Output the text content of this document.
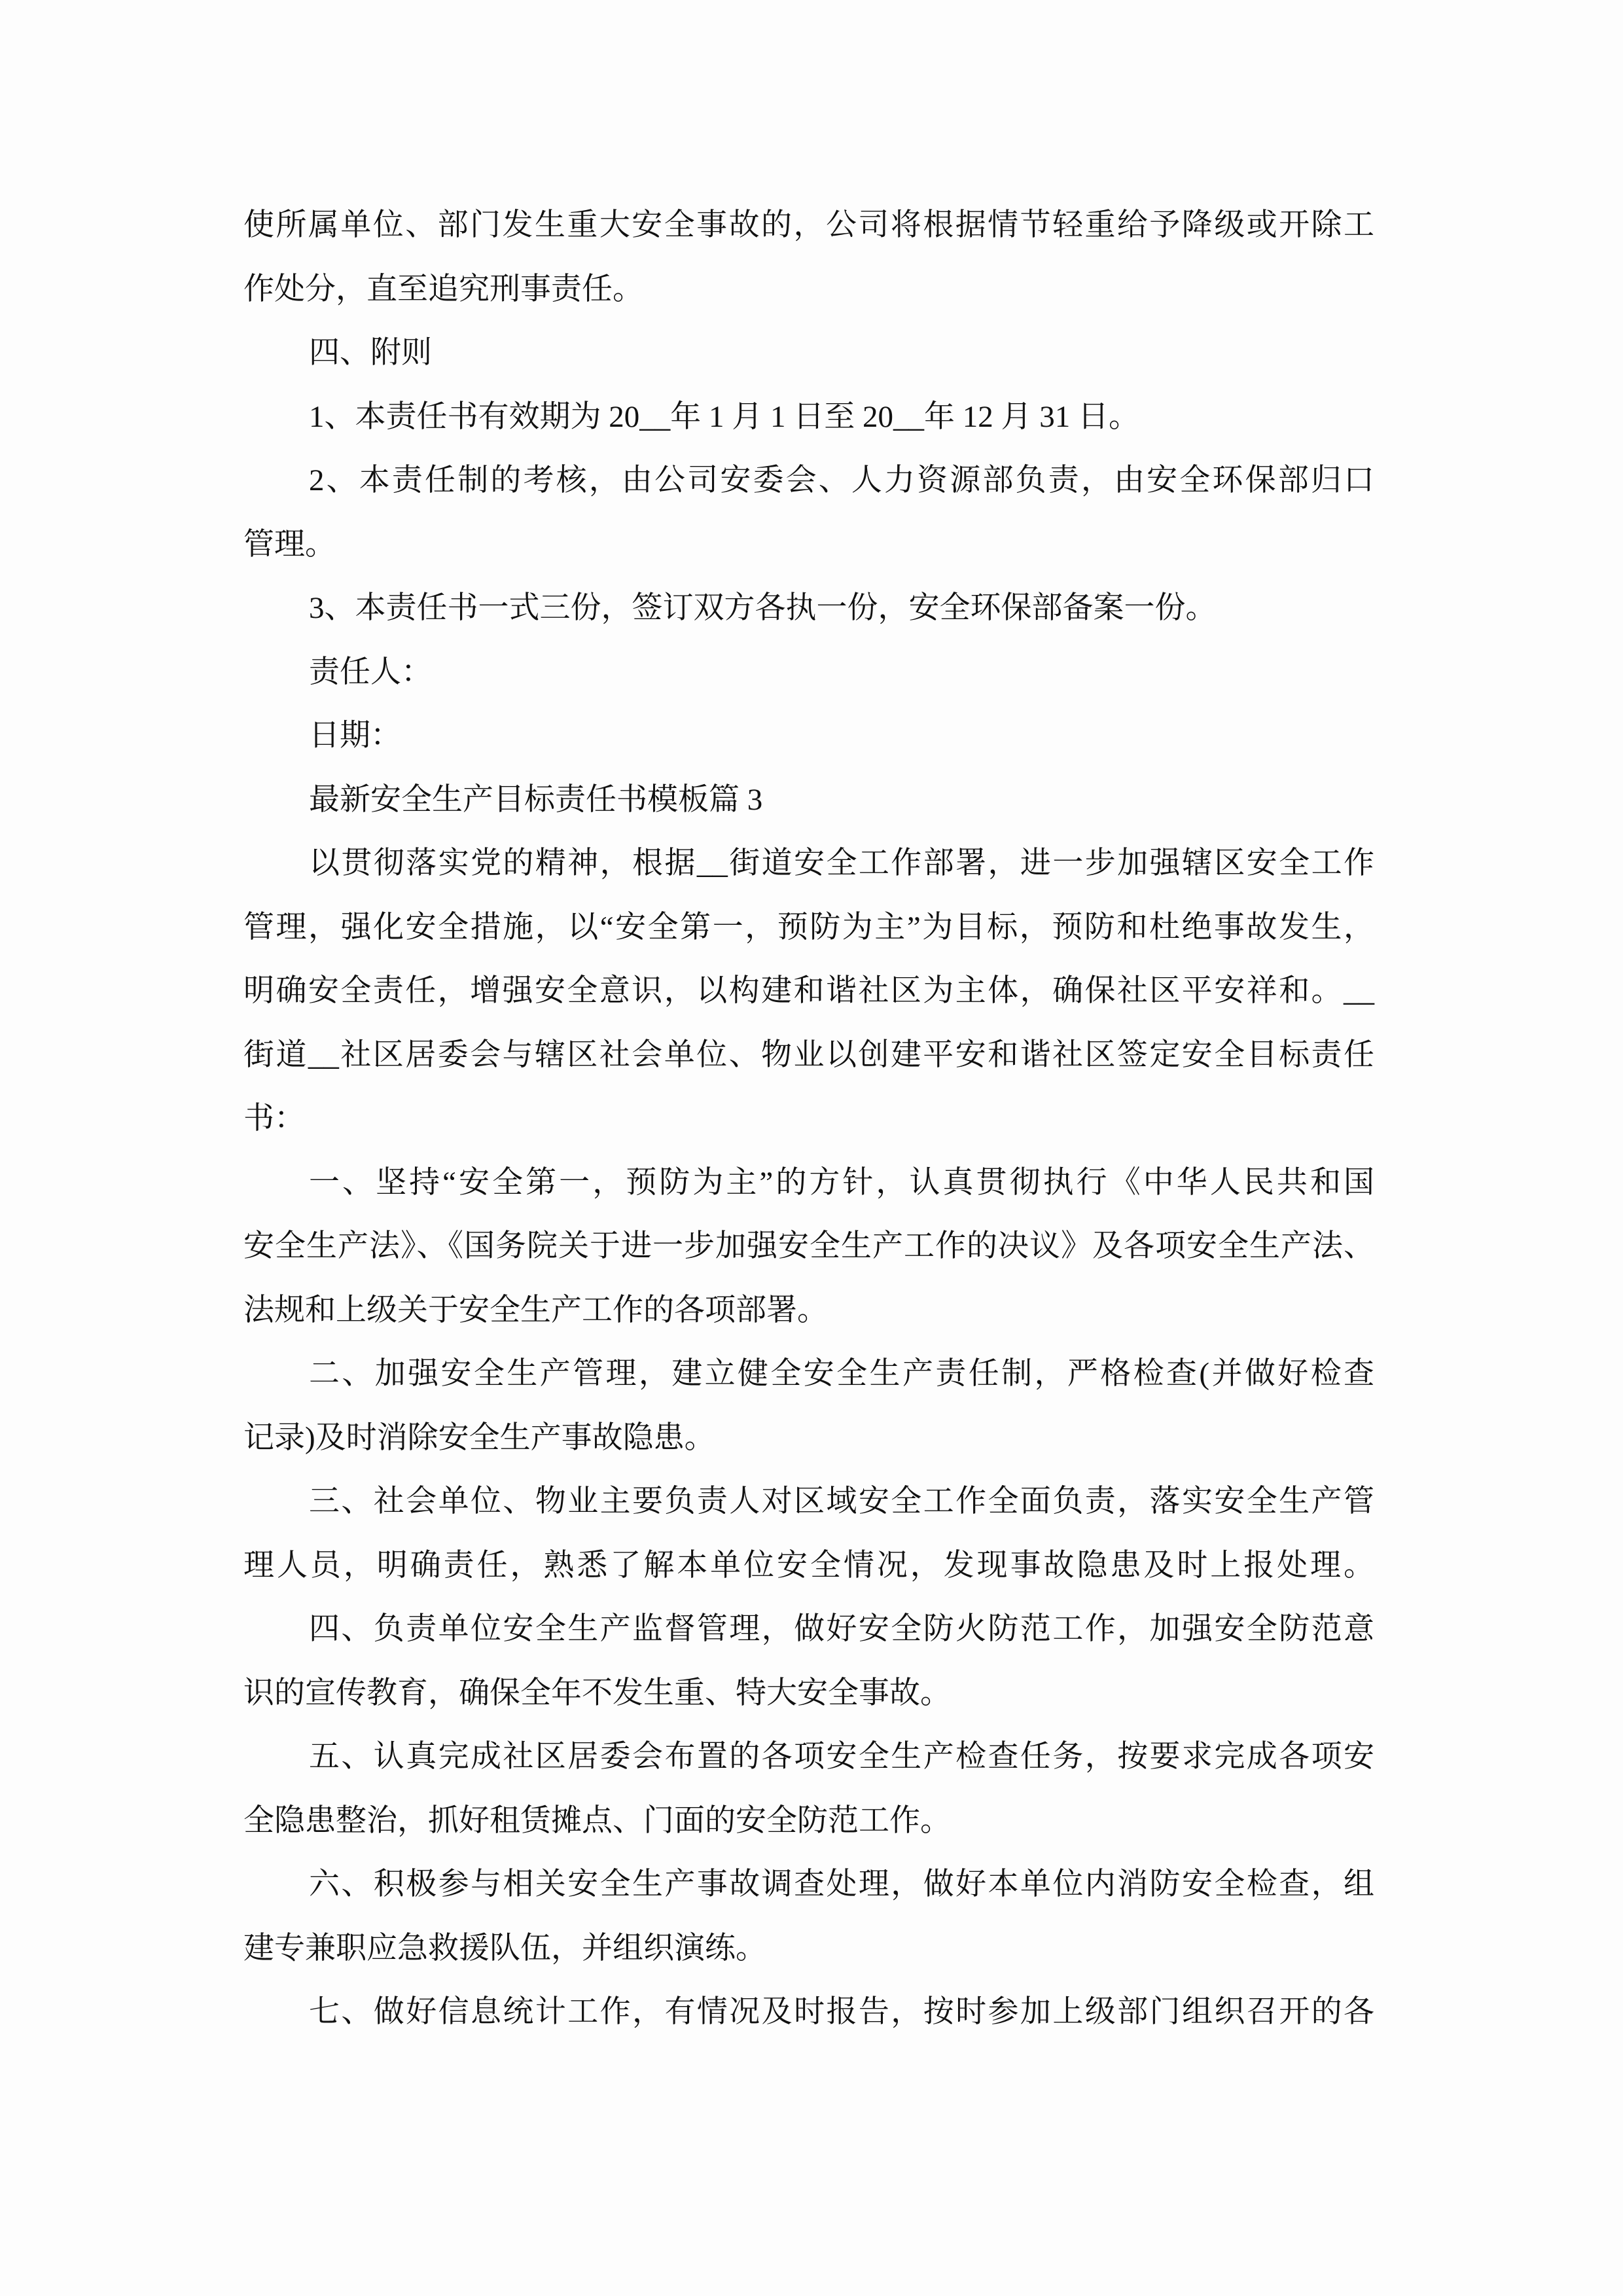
使所属单位、部门发生重大安全事故的，公司将根据情节轻重给予降级或开除工
作处分，直至追究刑事责任。
四、附则
1、本责任书有效期为 20__年 1 月 1 日至 20__年 12 月 31 日。
2、本责任制的考核，由公司安委会、人力资源部负责，由安全环保部归口
管理。
3、本责任书一式三份，签订双方各执一份，安全环保部备案一份。
责任人：
日期：
最新安全生产目标责任书模板篇 3
以贯彻落实党的精神，根据__街道安全工作部署，进一步加强辖区安全工作
管理，强化安全措施，以“安全第一，预防为主”为目标，预防和杜绝事故发生，
明确安全责任，增强安全意识，以构建和谐社区为主体，确保社区平安祥和。__
街道__社区居委会与辖区社会单位、物业以创建平安和谐社区签定安全目标责任
书：
一、坚持“安全第一，预防为主”的方针，认真贯彻执行《中华人民共和国
安全生产法》、《国务院关于进一步加强安全生产工作的决议》及各项安全生产法、
法规和上级关于安全生产工作的各项部署。
二、加强安全生产管理，建立健全安全生产责任制，严格检查(并做好检查
记录)及时消除安全生产事故隐患。
三、社会单位、物业主要负责人对区域安全工作全面负责，落实安全生产管
理人员，明确责任，熟悉了解本单位安全情况，发现事故隐患及时上报处理。
四、负责单位安全生产监督管理，做好安全防火防范工作，加强安全防范意
识的宣传教育，确保全年不发生重、特大安全事故。
五、认真完成社区居委会布置的各项安全生产检查任务，按要求完成各项安
全隐患整治，抓好租赁摊点、门面的安全防范工作。
六、积极参与相关安全生产事故调查处理，做好本单位内消防安全检查，组
建专兼职应急救援队伍，并组织演练。
七、做好信息统计工作，有情况及时报告，按时参加上级部门组织召开的各
